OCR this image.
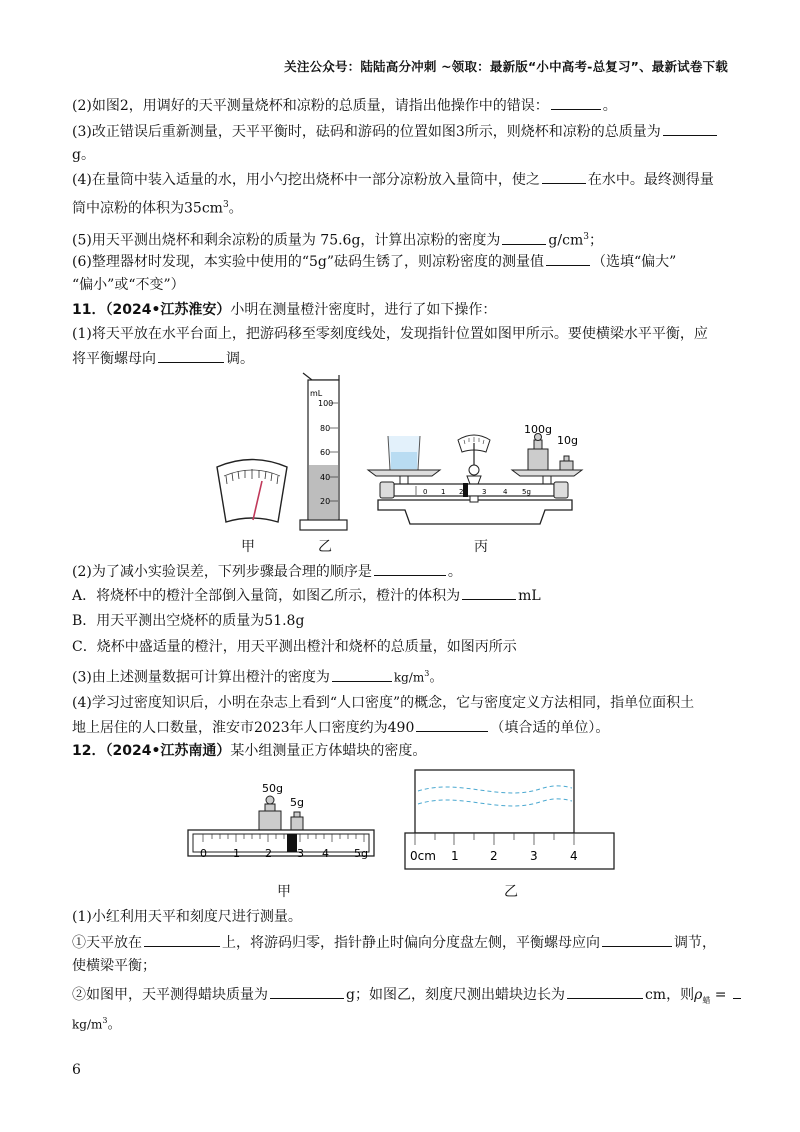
关注公众号：陆陆高分冲刺 ~领取：最新版“小中高考-总复习”、最新试卷下载
(2)如图2，用调好的天平测量烧杯和凉粉的总质量，请指出他操作中的错误：	。
(3)改正错误后重新测量，天平平衡时，砝码和游码的位置如图3所示，则烧杯和凉粉的总质量为
g。
(4)在量筒中装入适量的水，用小勺挖出烧杯中一部分凉粉放入量筒中，使之	在水中。最终测得量
筒中凉粉的体积为$35cm^3$。
(5)用天平测出烧杯和剩余凉粉的质量为 75.6g，计算出凉粉的密度为	$g/cm^3$；
(6)整理器材时发现，本实验中使用的“5g”砝码生锈了，则凉粉密度的测量值	（选填“偏大”
“偏小”或“不变”）
11．（2024•江苏淮安）小明在测量橙汁密度时，进行了如下操作：
(1)将天平放在水平台面上，把游码移至零刻度线处，发现指针位置如图甲所示。要使横梁水平平衡，应
将平衡螺母向	调。
mL
100
80
60
40
20
100g
10g
0 1 2	3 4 5g
甲	乙	丙
(2)为了减小实验误差，下列步骤最合理的顺序是	。
A．将烧杯中的橙汁全部倒入量筒，如图乙所示，橙汁的体积为	mL
B．用天平测出空烧杯的质量为51.8g
C．烧杯中盛适量的橙汁，用天平测出橙汁和烧杯的总质量，如图丙所示
(3)由上述测量数据可计算出橙汁的密度为	$kg/m^3$。
(4)学习过密度知识后，小明在杂志上看到“人口密度”的概念，它与密度定义方法相同，指单位面积土
地上居住的人口数量，淮安市2023年人口密度约为490	（填合适的单位）。
12．（2024•江苏南通）某小组测量正方体蜡块的密度。
50g
5g
0 1 2 3 4 5g	0cm 1	2	3	4
甲	乙
(1)小红利用天平和刻度尺进行测量。
①天平放在	上，将游码归零，指针静止时偏向分度盘左侧，平衡螺母应向	调节，
使横梁平衡；
②如图甲，天平测得蜡块质量为	g；如图乙，刻度尺测出蜡块边长为	cm，则$\rho_蜡$ =
$kg/m^3$。
6
